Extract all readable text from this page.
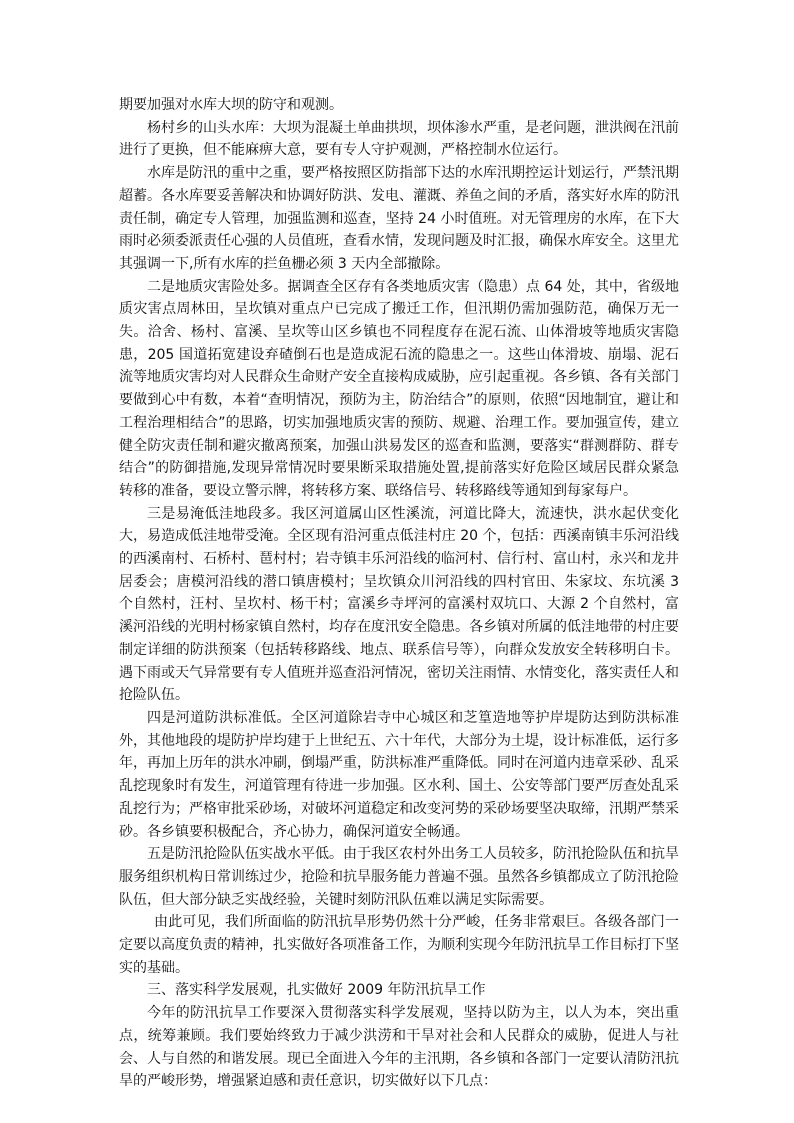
期要加强对水库大坝的防守和观测。

杨村乡的山头水库：大坝为混凝土单曲拱坝，坝体渗水严重，是老问题，泄洪阀在汛前进行了更换，但不能麻痹大意，要有专人守护观测，严格控制水位运行。

水库是防汛的重中之重，要严格按照区防指部下达的水库汛期控运计划运行，严禁汛期超蓄。各水库要妥善解决和协调好防洪、发电、灌溉、养鱼之间的矛盾，落实好水库的防汛责任制，确定专人管理，加强监测和巡查，坚持 24 小时值班。对无管理房的水库，在下大雨时必须委派责任心强的人员值班，查看水情，发现问题及时汇报，确保水库安全。这里尤其强调一下,所有水库的拦鱼栅必须 3 天内全部撤除。

二是地质灾害险处多。据调查全区存有各类地质灾害（隐患）点 64 处，其中，省级地质灾害点周林田，呈坎镇对重点户已完成了搬迁工作，但汛期仍需加强防范，确保万无一失。洽舍、杨村、富溪、呈坎等山区乡镇也不同程度存在泥石流、山体滑坡等地质灾害隐患，205 国道拓宽建设弃碴倒石也是造成泥石流的隐患之一。这些山体滑坡、崩塌、泥石流等地质灾害均对人民群众生命财产安全直接构成威胁，应引起重视。各乡镇、各有关部门要做到心中有数，本着“查明情况，预防为主，防治结合”的原则，依照“因地制宜，避让和工程治理相结合”的思路，切实加强地质灾害的预防、规避、治理工作。要加强宣传，建立健全防灾责任制和避灾撤离预案，加强山洪易发区的巡查和监测，要落实“群测群防、群专结合”的防御措施,发现异常情况时要果断采取措施处置,提前落实好危险区域居民群众紧急转移的准备，要设立警示牌，将转移方案、联络信号、转移路线等通知到每家每户。

三是易淹低洼地段多。我区河道属山区性溪流，河道比降大，流速快，洪水起伏变化大，易造成低洼地带受淹。全区现有沿河重点低洼村庄 20 个，包括：西溪南镇丰乐河沿线的西溪南村、石桥村、琶村村；岩寺镇丰乐河沿线的临河村、信行村、富山村，永兴和龙井居委会；唐模河沿线的潜口镇唐模村；呈坎镇众川河沿线的四村官田、朱家坟、东坑溪 3 个自然村，汪村、呈坎村、杨干村；富溪乡寺坪河的富溪村双坑口、大源 2 个自然村，富溪河沿线的光明村杨家镇自然村，均存在度汛安全隐患。各乡镇对所属的低洼地带的村庄要制定详细的防洪预案（包括转移路线、地点、联系信号等），向群众发放安全转移明白卡。遇下雨或天气异常要有专人值班并巡查沿河情况，密切关注雨情、水情变化，落实责任人和抢险队伍。

四是河道防洪标准低。全区河道除岩寺中心城区和芝篁造地等护岸堤防达到防洪标准外，其他地段的堤防护岸均建于上世纪五、六十年代，大部分为土堤，设计标准低，运行多年，再加上历年的洪水冲刷，倒塌严重，防洪标准严重降低。同时在河道内违章采砂、乱采乱挖现象时有发生，河道管理有待进一步加强。区水利、国土、公安等部门要严厉查处乱采乱挖行为；严格审批采砂场，对破坏河道稳定和改变河势的采砂场要坚决取缔，汛期严禁采砂。各乡镇要积极配合，齐心协力，确保河道安全畅通。

五是防汛抢险队伍实战水平低。由于我区农村外出务工人员较多，防汛抢险队伍和抗旱服务组织机构日常训练过少，抢险和抗旱服务能力普遍不强。虽然各乡镇都成立了防汛抢险队伍，但大部分缺乏实战经验，关键时刻防汛队伍难以满足实际需要。

由此可见，我们所面临的防汛抗旱形势仍然十分严峻，任务非常艰巨。各级各部门一定要以高度负责的精神，扎实做好各项准备工作，为顺利实现今年防汛抗旱工作目标打下坚实的基础。

三、落实科学发展观，扎实做好 2009 年防汛抗旱工作

今年的防汛抗旱工作要深入贯彻落实科学发展观，坚持以防为主，以人为本，突出重点，统筹兼顾。我们要始终致力于减少洪涝和干旱对社会和人民群众的威胁，促进人与社会、人与自然的和谐发展。现已全面进入今年的主汛期，各乡镇和各部门一定要认清防汛抗旱的严峻形势，增强紧迫感和责任意识，切实做好以下几点：
